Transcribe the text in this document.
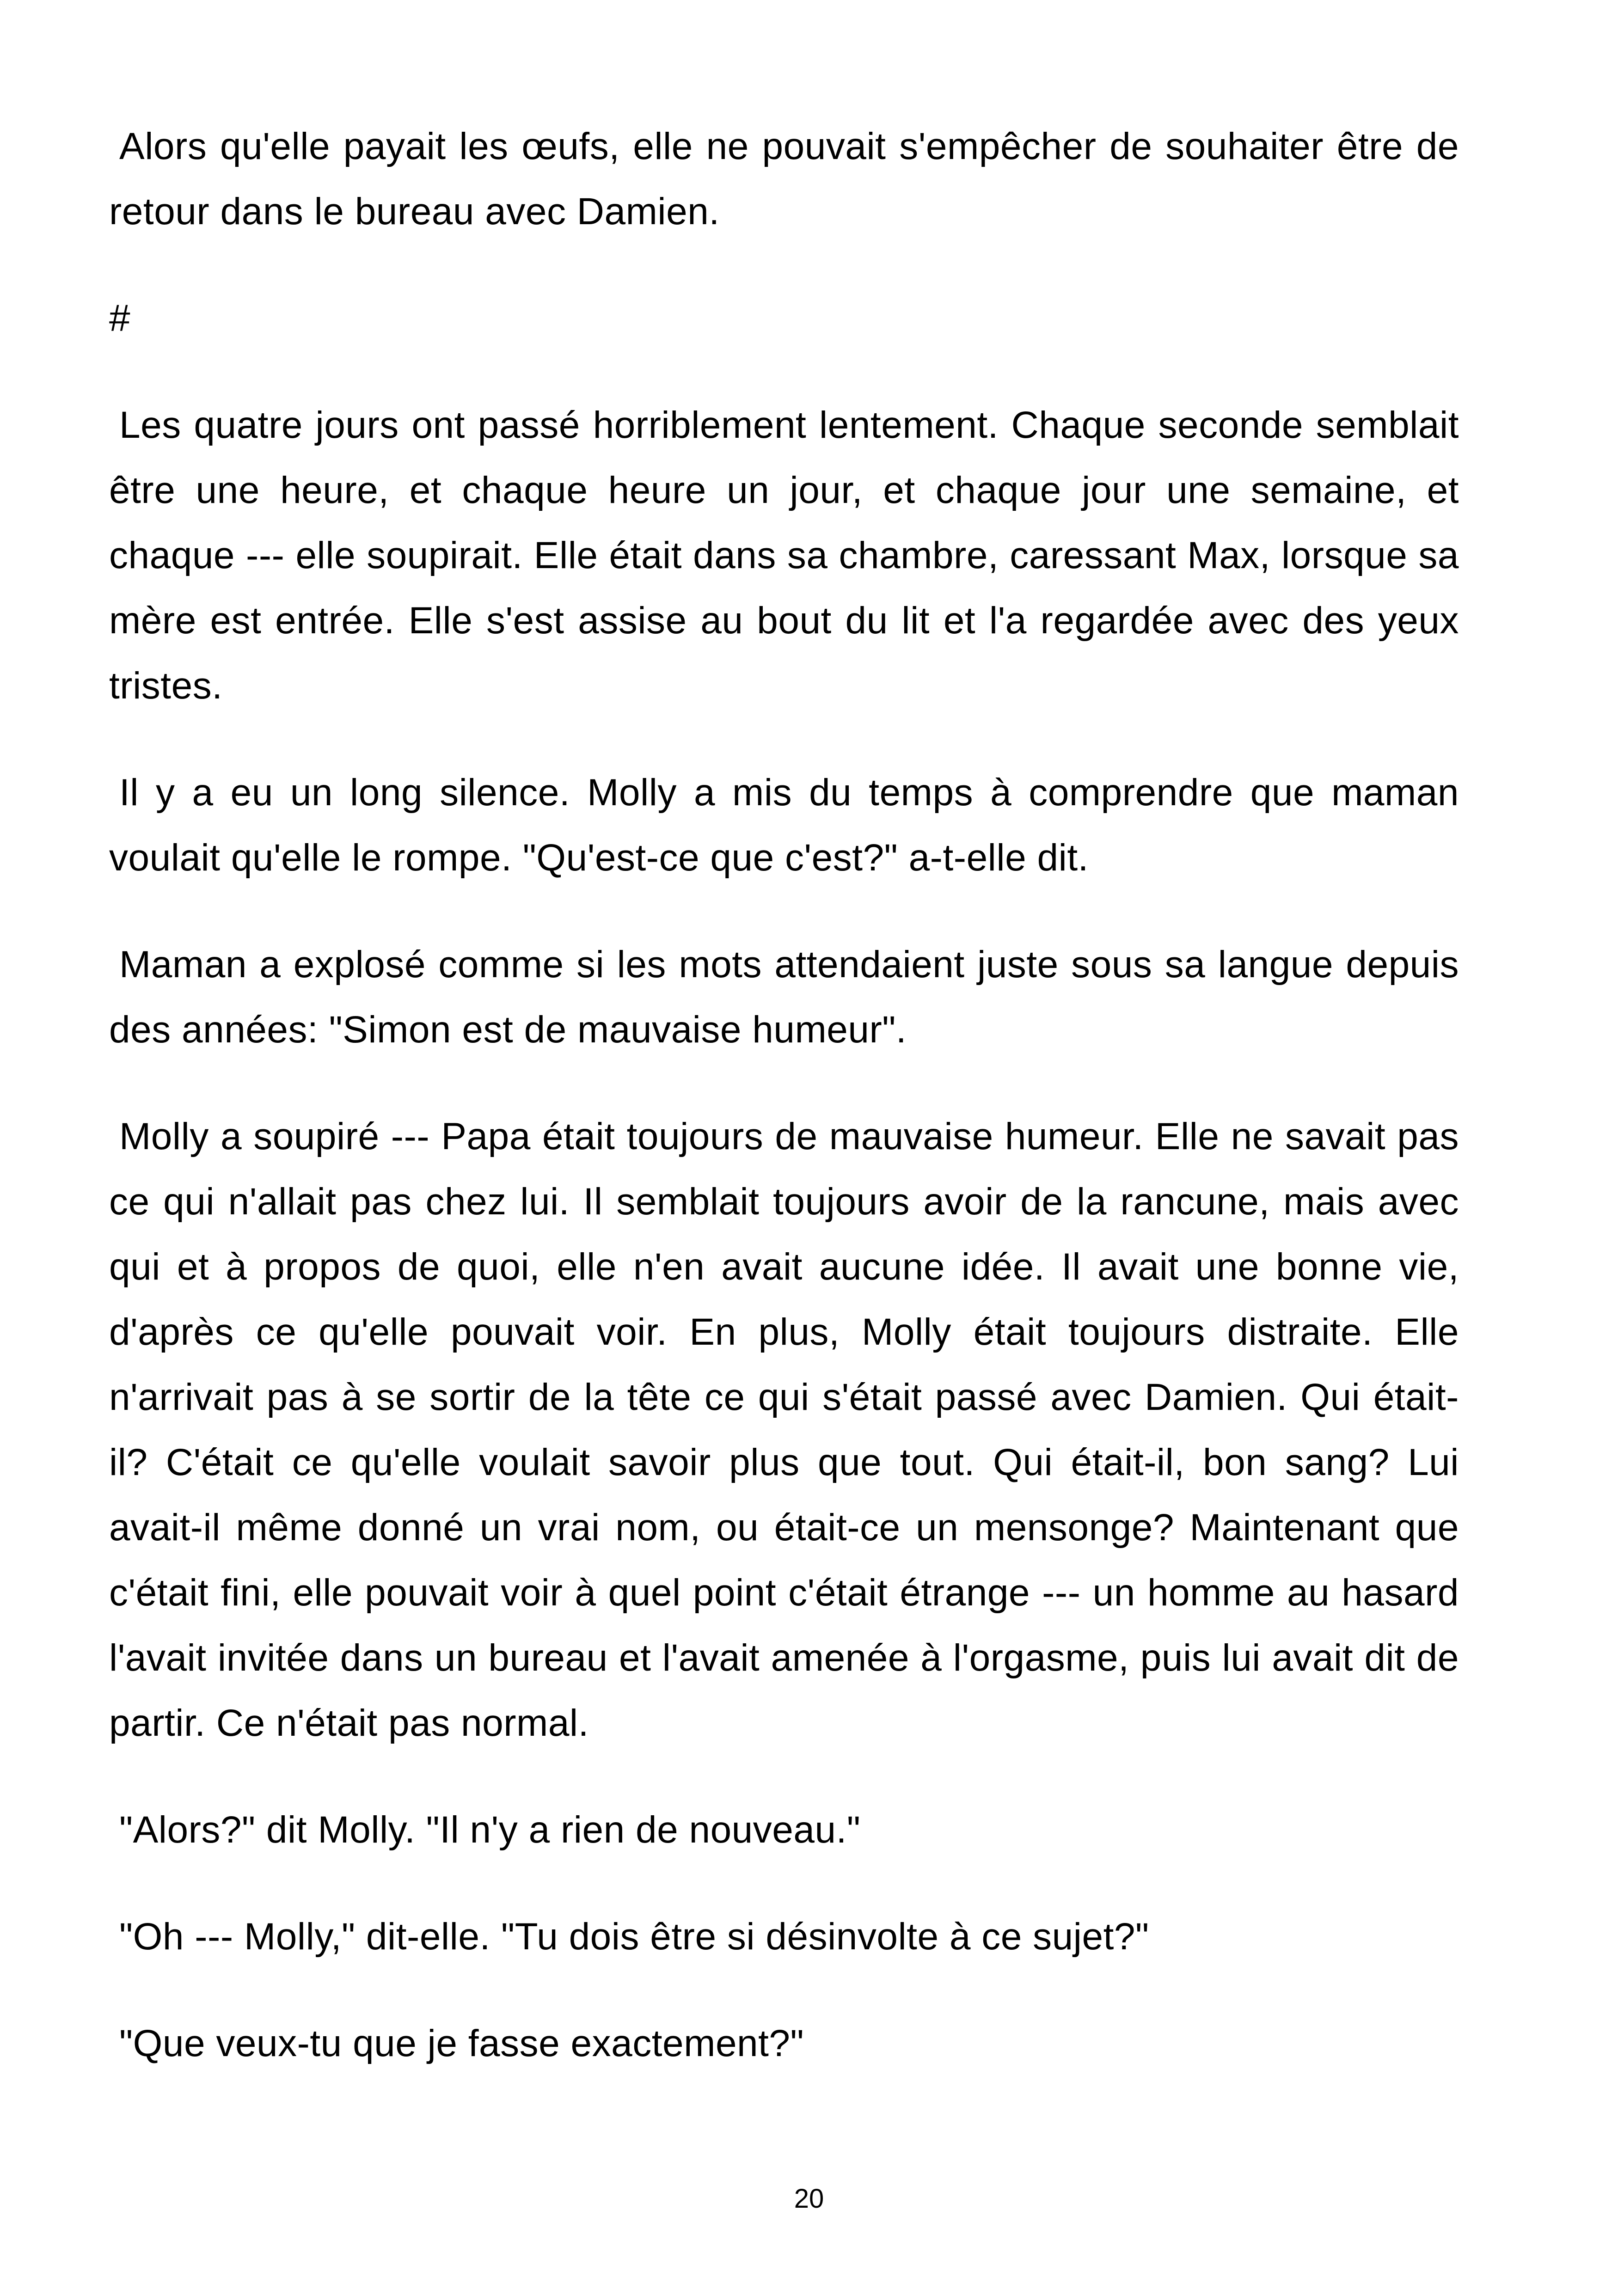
Alors qu'elle payait les œufs, elle ne pouvait s'empêcher de souhaiter être de retour dans le bureau avec Damien.

#

Les quatre jours ont passé horriblement lentement. Chaque seconde semblait être une heure, et chaque heure un jour, et chaque jour une semaine, et chaque --- elle soupirait. Elle était dans sa chambre, caressant Max, lorsque sa mère est entrée. Elle s'est assise au bout du lit et l'a regardée avec des yeux tristes.

Il y a eu un long silence. Molly a mis du temps à comprendre que maman voulait qu'elle le rompe. "Qu'est-ce que c'est?" a-t-elle dit.

Maman a explosé comme si les mots attendaient juste sous sa langue depuis des années: "Simon est de mauvaise humeur".

Molly a soupiré --- Papa était toujours de mauvaise humeur. Elle ne savait pas ce qui n'allait pas chez lui. Il semblait toujours avoir de la rancune, mais avec qui et à propos de quoi, elle n'en avait aucune idée. Il avait une bonne vie, d'après ce qu'elle pouvait voir. En plus, Molly était toujours distraite. Elle n'arrivait pas à se sortir de la tête ce qui s'était passé avec Damien. Qui était-il? C'était ce qu'elle voulait savoir plus que tout. Qui était-il, bon sang? Lui avait-il même donné un vrai nom, ou était-ce un mensonge? Maintenant que c'était fini, elle pouvait voir à quel point c'était étrange --- un homme au hasard l'avait invitée dans un bureau et l'avait amenée à l'orgasme, puis lui avait dit de partir. Ce n'était pas normal.

"Alors?" dit Molly. "Il n'y a rien de nouveau."

"Oh --- Molly," dit-elle. "Tu dois être si désinvolte à ce sujet?"

"Que veux-tu que je fasse exactement?"

20
